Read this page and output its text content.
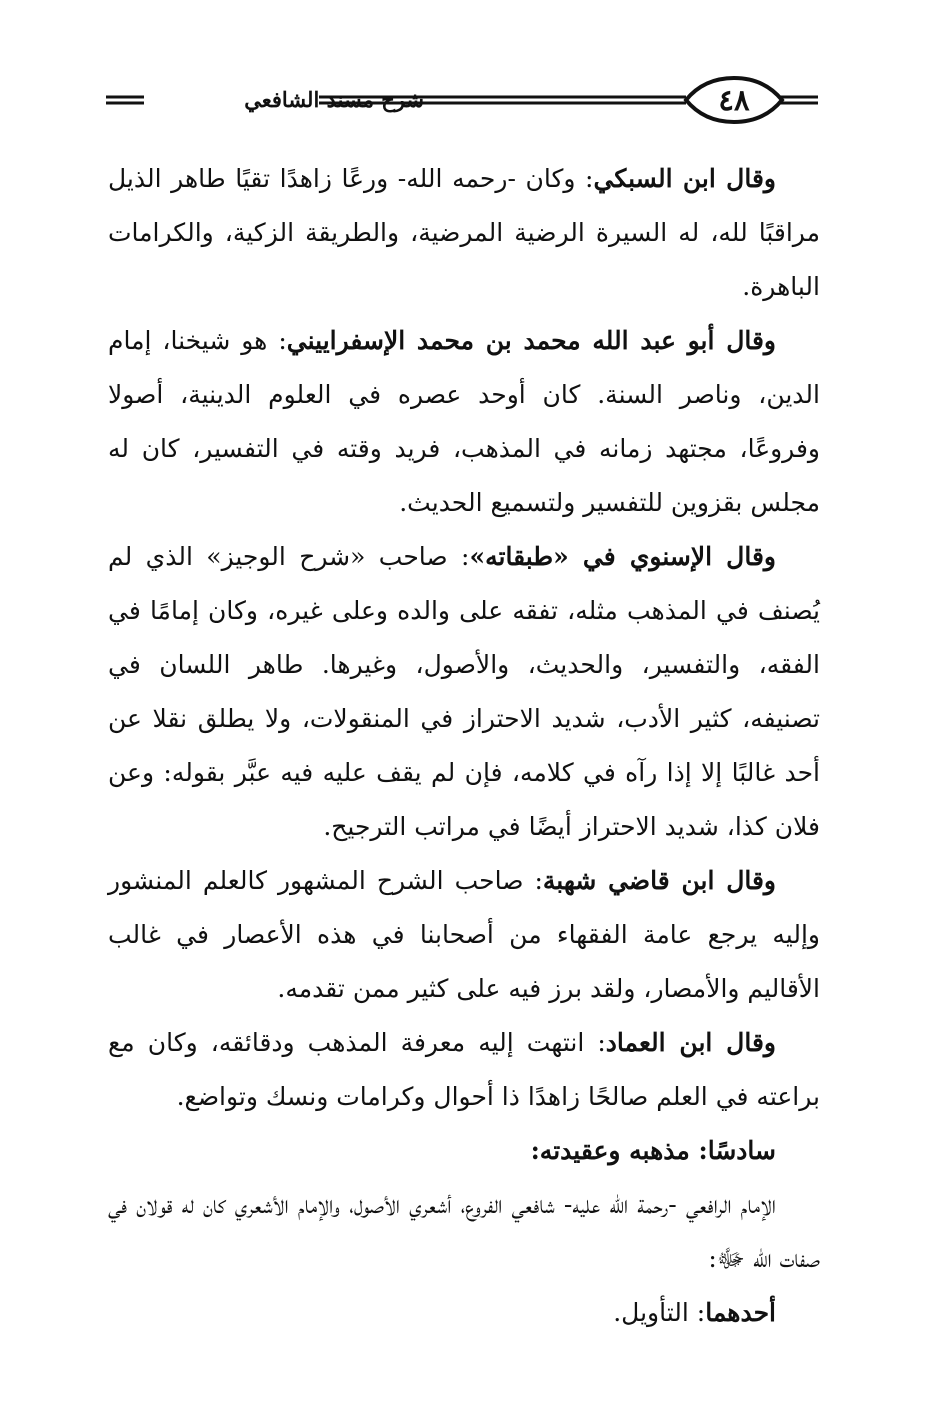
٤٨
شرح مسند الشافعي

وقال ابن السبكي: وكان -رحمه الله- ورعًا زاهدًا تقيًا طاهر الذيل مراقبًا لله، له السيرة الرضية المرضية، والطريقة الزكية، والكرامات الباهرة.

وقال أبو عبد الله محمد بن محمد الإسفراييني: هو شيخنا، إمام الدين، وناصر السنة. كان أوحد عصره في العلوم الدينية، أصولا وفروعًا، مجتهد زمانه في المذهب، فريد وقته في التفسير، كان له مجلس بقزوين للتفسير ولتسميع الحديث.

وقال الإسنوي في «طبقاته»: صاحب «شرح الوجيز» الذي لم يُصنف في المذهب مثله، تفقه على والده وعلى غيره، وكان إمامًا في الفقه، والتفسير، والحديث، والأصول، وغيرها. طاهر اللسان في تصنيفه، كثير الأدب، شديد الاحتراز في المنقولات، ولا يطلق نقلا عن أحد غالبًا إلا إذا رآه في كلامه، فإن لم يقف عليه فيه عبَّر بقوله: وعن فلان كذا، شديد الاحتراز أيضًا في مراتب الترجيح.

وقال ابن قاضي شهبة: صاحب الشرح المشهور كالعلم المنشور وإليه يرجع عامة الفقهاء من أصحابنا في هذه الأعصار في غالب الأقاليم والأمصار، ولقد برز فيه على كثير ممن تقدمه.

وقال ابن العماد: انتهت إليه معرفة المذهب ودقائقه، وكان مع براعته في العلم صالحًا زاهدًا ذا أحوال وكرامات ونسك وتواضع.

سادسًا: مذهبه وعقيدته:

الإمام الرافعي -رحمة الله عليه- شافعي الفروع، أشعري الأصول، والإمام الأشعري كان له قولان في صفات الله ﷻ:

أحدهما: التأويل.
